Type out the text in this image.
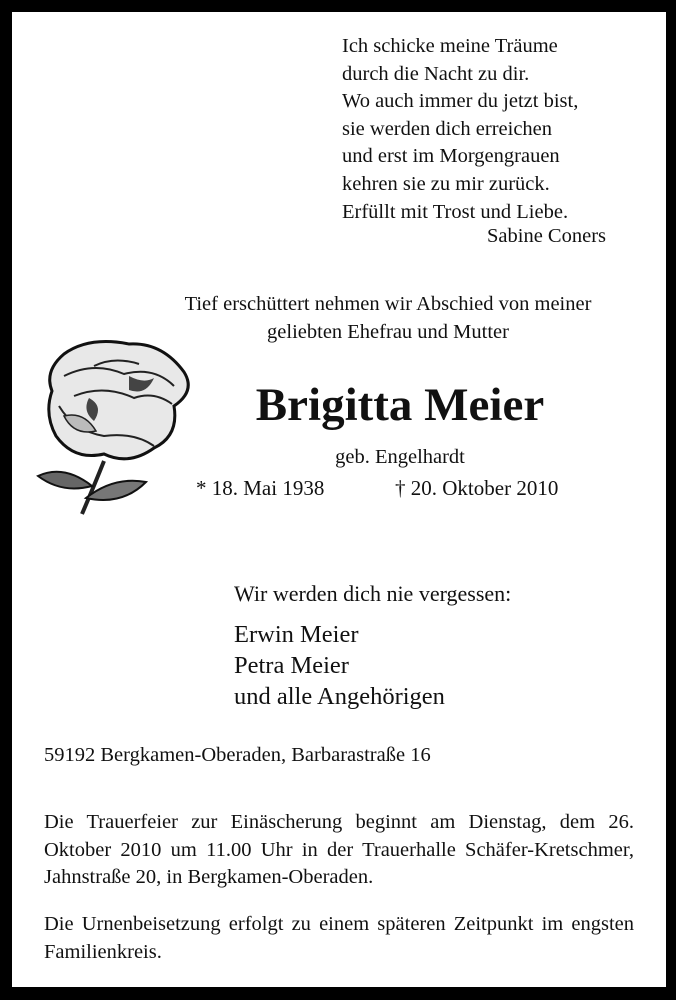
Ich schicke meine Träume
durch die Nacht zu dir.
Wo auch immer du jetzt bist,
sie werden dich erreichen
und erst im Morgengrauen
kehren sie zu mir zurück.
Erfüllt mit Trost und Liebe.
Sabine Coners
Tief erschüttert nehmen wir Abschied von meiner
geliebten Ehefrau und Mutter
Brigitta Meier
geb. Engelhardt
* 18. Mai 1938	† 20. Oktober 2010
Wir werden dich nie vergessen:
Erwin Meier
Petra Meier
und alle Angehörigen
59192 Bergkamen-Oberaden, Barbarastraße 16
Die Trauerfeier zur Einäscherung beginnt am Dienstag, dem 26. Oktober 2010 um 11.00 Uhr in der Trauerhalle Schäfer-Kretschmer, Jahnstraße 20, in Bergkamen-Oberaden.
Die Urnenbeisetzung erfolgt zu einem späteren Zeitpunkt im engsten Familienkreis.
